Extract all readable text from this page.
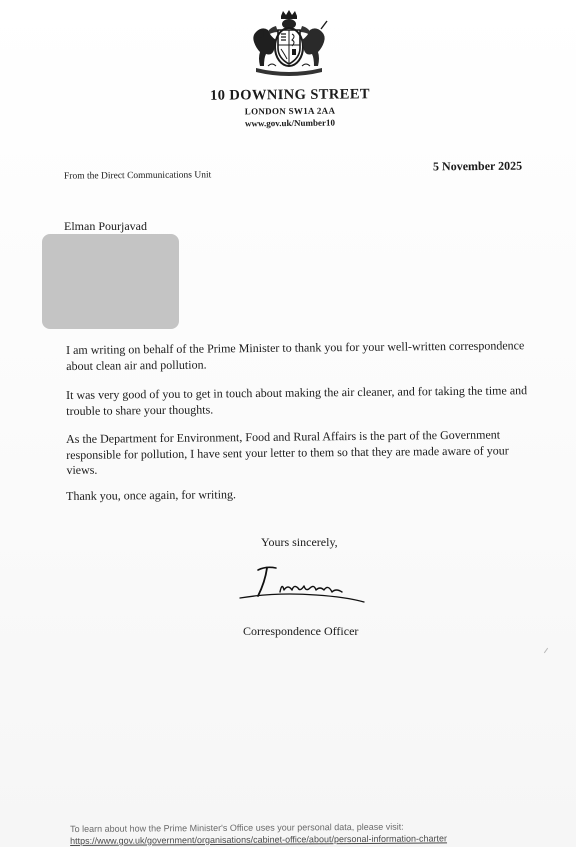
10 DOWNING STREET
LONDON SW1A 2AA
www.gov.uk/Number10
From the Direct Communications Unit
5 November 2025
Elman Pourjavad
I am writing on behalf of the Prime Minister to thank you for your well-written correspondence about clean air and pollution.
It was very good of you to get in touch about making the air cleaner, and for taking the time and trouble to share your thoughts.
As the Department for Environment, Food and Rural Affairs is the part of the Government responsible for pollution, I have sent your letter to them so that they are made aware of your views.
Thank you, once again, for writing.
Yours sincerely,
Correspondence Officer
To learn about how the Prime Minister's Office uses your personal data, please visit:
https://www.gov.uk/government/organisations/cabinet-office/about/personal-information-charter
